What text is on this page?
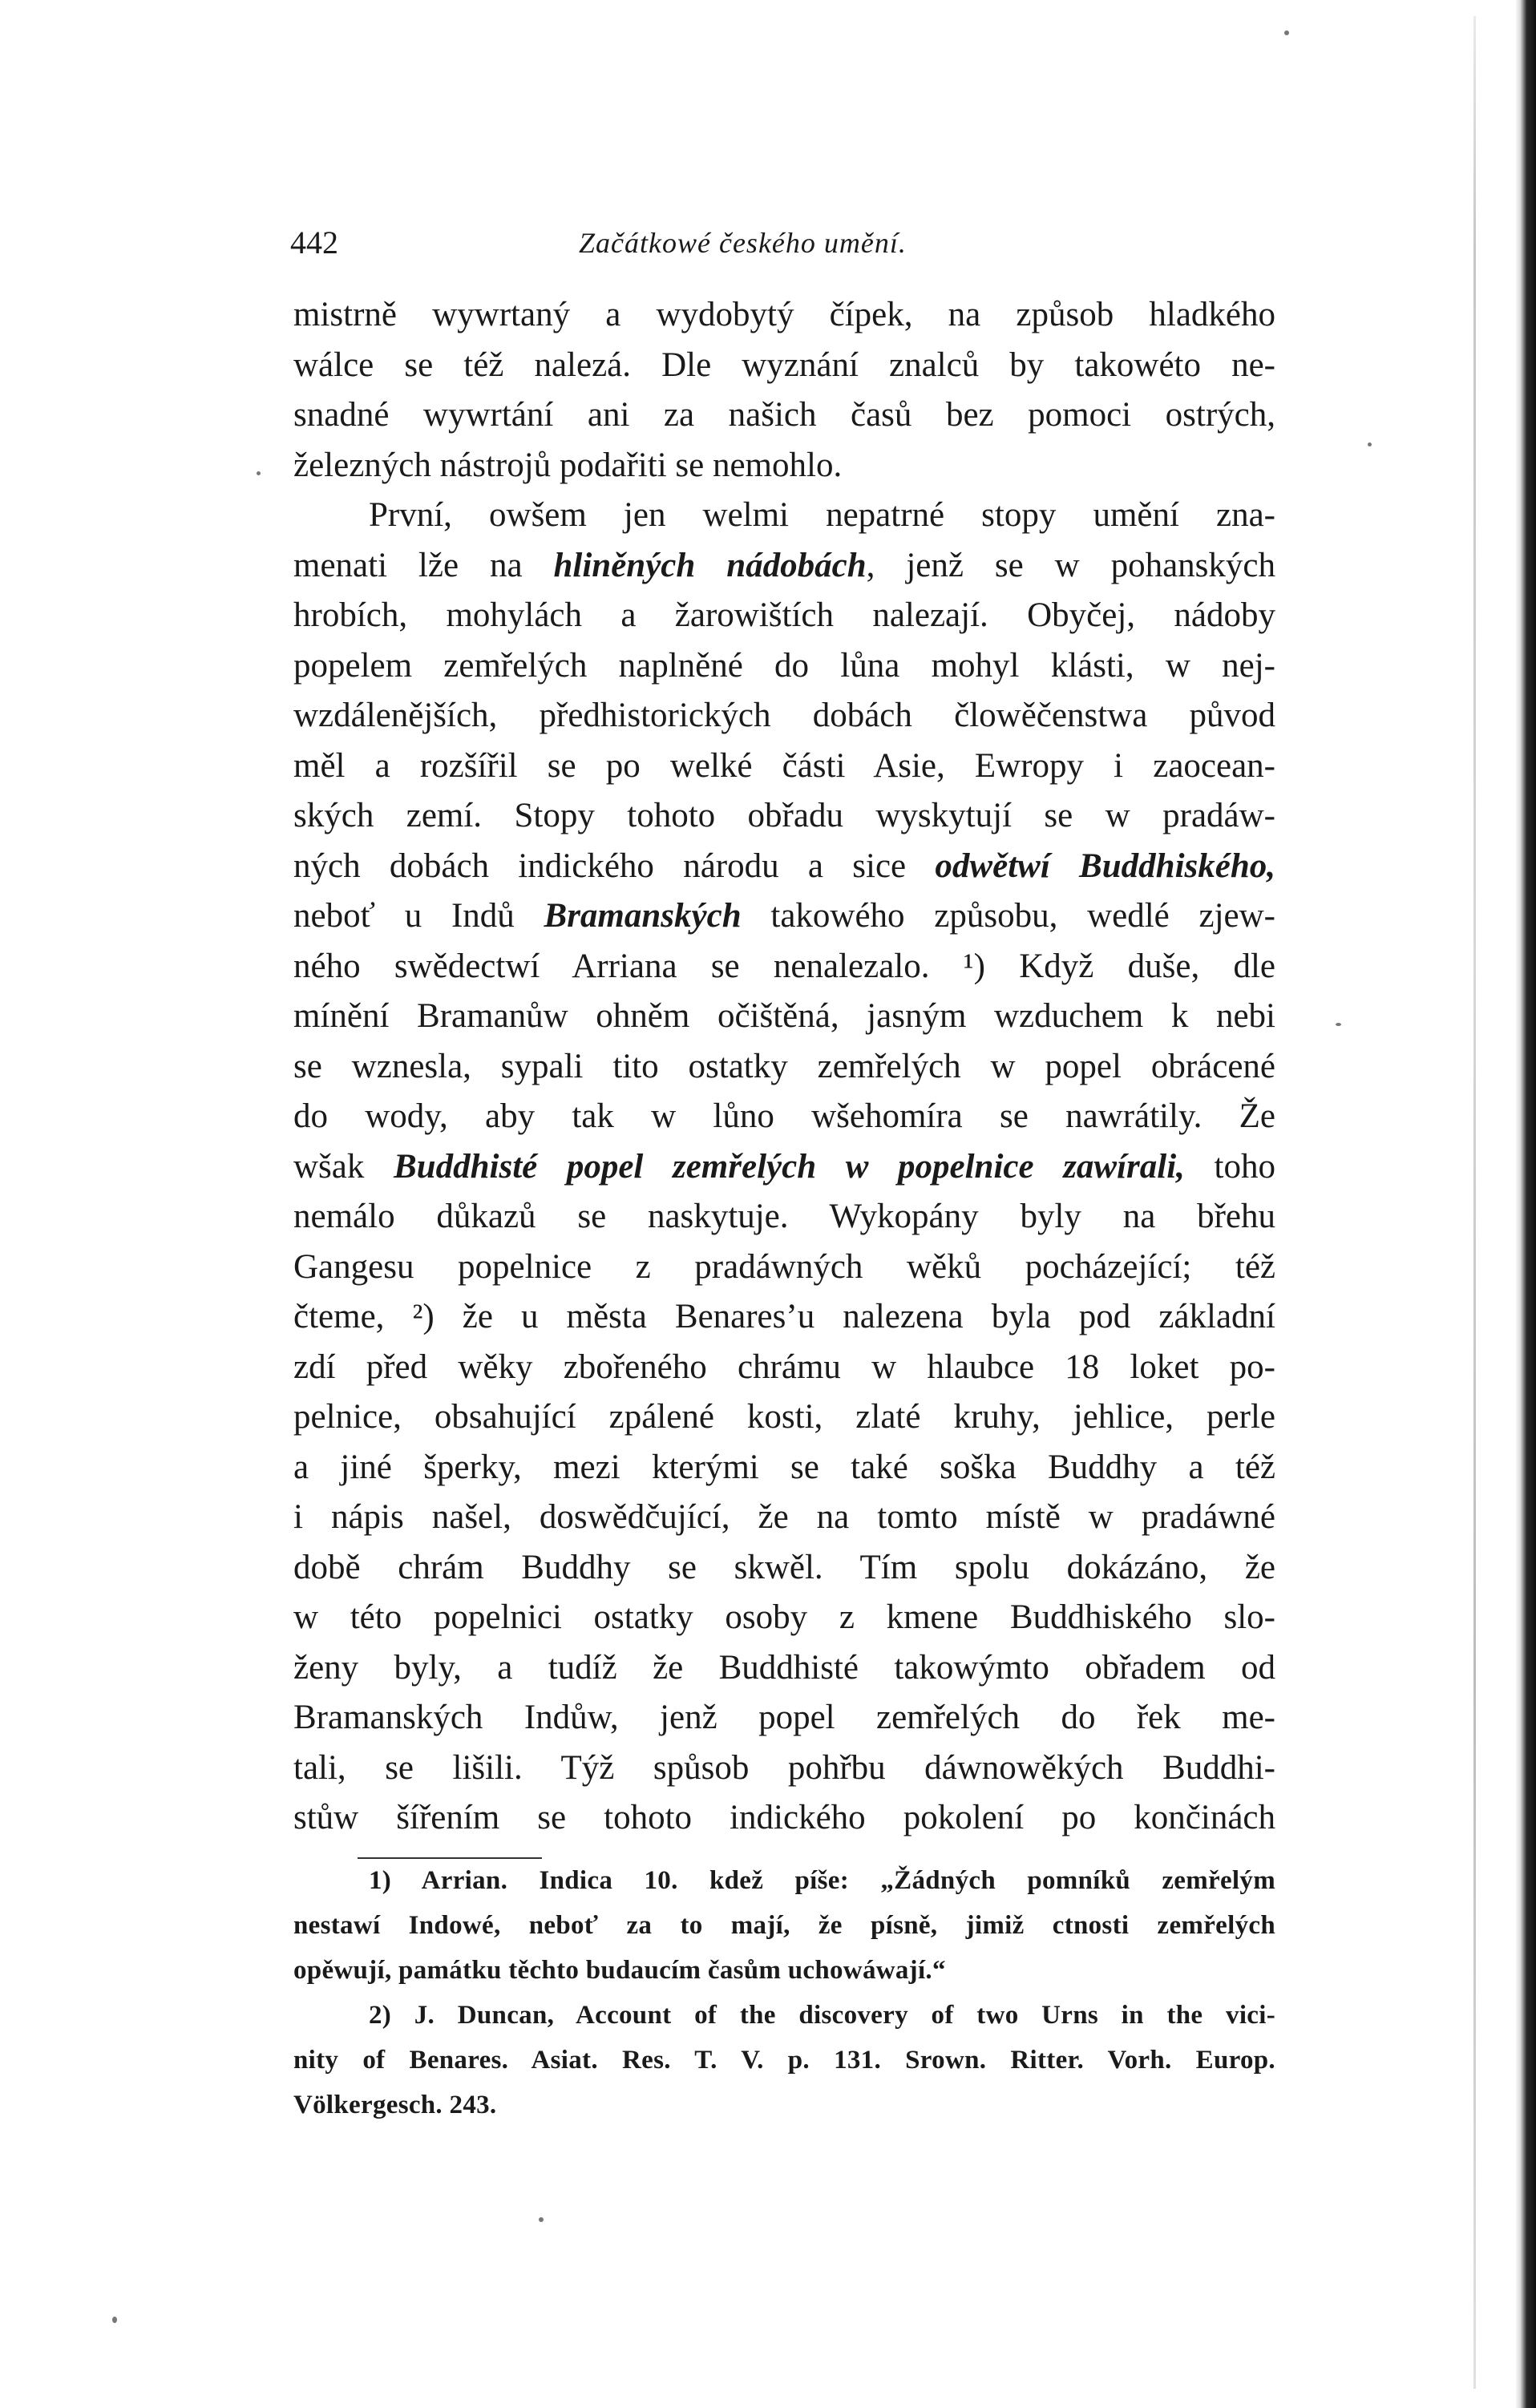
442	Začátkowé českého umění.
mistrně wywrtaný a wydobytý čípek, na způsob hladkého
wálce se též nalezá. Dle wyznání znalců by takowéto ne-
snadné wywrtání ani za našich časů bez pomoci ostrých,
železných nástrojů podařiti se nemohlo.
První, owšem jen welmi nepatrné stopy umění zna-
menati lže na hliněných nádobách, jenž se w pohanských
hrobích, mohylách a žarowištích nalezají. Obyčej, nádoby
popelem zemřelých naplněné do lůna mohyl klásti, w nej-
wzdálenějších, předhistorických dobách člowěčenstwa původ
měl a rozšířil se po welké části Asie, Ewropy i zaocean-
ských zemí. Stopy tohoto obřadu wyskytují se w pradáw-
ných dobách indického národu a sice odwětwí Buddhiského,
neboť u Indů Bramanských takowého způsobu, wedlé zjew-
ného swědectwí Arriana se nenalezalo. ¹) Když duše, dle
mínění Bramanůw ohněm očištěná, jasným wzduchem k nebi
se wznesla, sypali tito ostatky zemřelých w popel obrácené
do wody, aby tak w lůno wšehomíra se nawrátily. Že
wšak Buddhisté popel zemřelých w popelnice zawírali, toho
nemálo důkazů se naskytuje. Wykopány byly na břehu
Gangesu popelnice z pradáwných wěků pocházející; též
čteme, ²) že u města Benares’u nalezena byla pod základní
zdí před wěky zbořeného chrámu w hlaubce 18 loket po-
pelnice, obsahující zpálené kosti, zlaté kruhy, jehlice, perle
a jiné šperky, mezi kterými se také soška Buddhy a též
i nápis našel, doswědčující, že na tomto místě w pradáwné
době chrám Buddhy se skwěl. Tím spolu dokázáno, že
w této popelnici ostatky osoby z kmene Buddhiského slo-
ženy byly, a tudíž že Buddhisté takowýmto obřadem od
Bramanských Indůw, jenž popel zemřelých do řek me-
tali, se lišili. Týž spůsob pohřbu dáwnowěkých Buddhi-
stůw šířením se tohoto indického pokolení po končinách
1) Arrian. Indica 10. kdež píše: „Žádných pomníků zemřelým
nestawí Indowé, neboť za to mají, že písně, jimiž ctnosti zemřelých
opěwují, památku těchto budaucím časům uchowáwají.“
2) J. Duncan, Account of the discovery of two Urns in the vici-
nity of Benares. Asiat. Res. T. V. p. 131. Srown. Ritter. Vorh. Europ.
Völkergesch. 243.
